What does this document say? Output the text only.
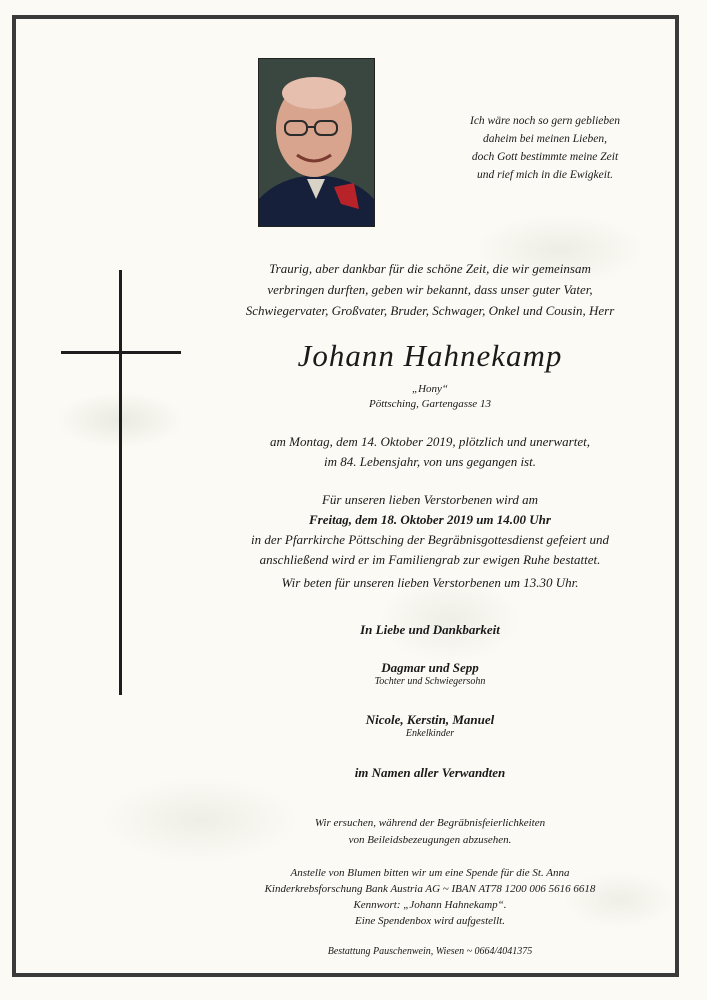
Ich wäre noch so gern geblieben
daheim bei meinen Lieben,
doch Gott bestimmte meine Zeit
und rief mich in die Ewigkeit.
Traurig, aber dankbar für die schöne Zeit, die wir gemeinsam
verbringen durften, geben wir bekannt, dass unser guter Vater,
Schwiegervater, Großvater, Bruder, Schwager, Onkel und Cousin, Herr
Johann Hahnekamp
„Hony“
Pöttsching, Gartengasse 13
am Montag, dem 14. Oktober 2019, plötzlich und unerwartet,
im 84. Lebensjahr, von uns gegangen ist.
Für unseren lieben Verstorbenen wird am
Freitag, dem 18. Oktober 2019 um 14.00 Uhr
in der Pfarrkirche Pöttsching der Begräbnisgottesdienst gefeiert und
anschließend wird er im Familiengrab zur ewigen Ruhe bestattet.
Wir beten für unseren lieben Verstorbenen um 13.30 Uhr.
In Liebe und Dankbarkeit
Dagmar und Sepp
Tochter und Schwiegersohn
Nicole, Kerstin, Manuel
Enkelkinder
im Namen aller Verwandten
Wir ersuchen, während der Begräbnisfeierlichkeiten
von Beileidsbezeugungen abzusehen.
Anstelle von Blumen bitten wir um eine Spende für die St. Anna
Kinderkrebsforschung Bank Austria AG ~ IBAN AT78 1200 006 5616 6618
Kennwort: „Johann Hahnekamp“.
Eine Spendenbox wird aufgestellt.
Bestattung Pauschenwein, Wiesen ~ 0664/4041375
